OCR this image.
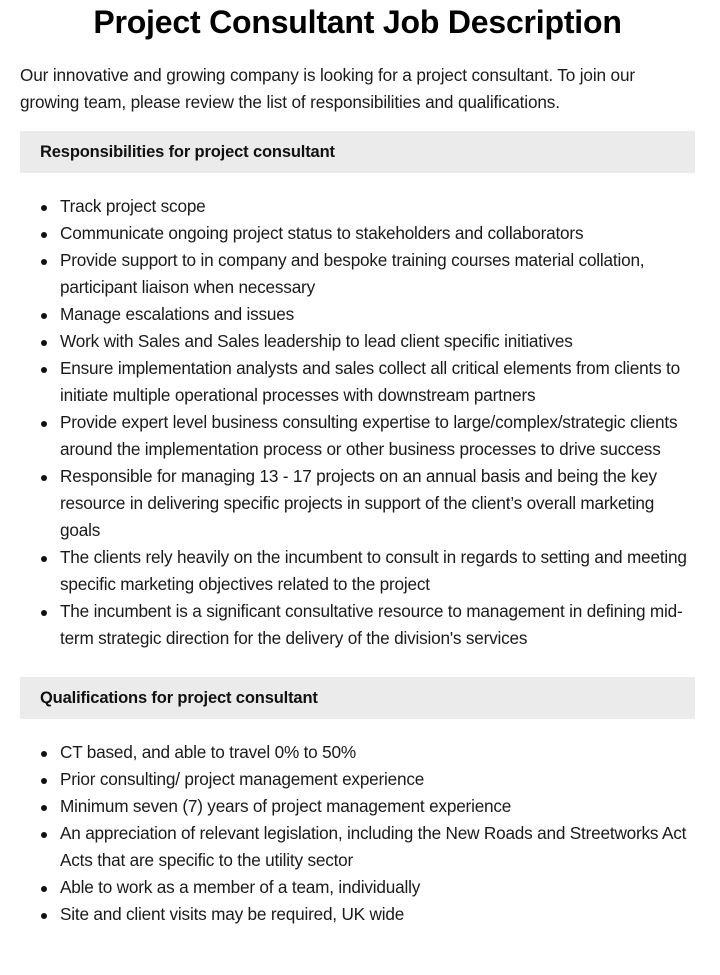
Project Consultant Job Description

Our innovative and growing company is looking for a project consultant. To join our growing team, please review the list of responsibilities and qualifications.

Responsibilities for project consultant
Track project scope
Communicate ongoing project status to stakeholders and collaborators
Provide support to in company and bespoke training courses material collation, participant liaison when necessary
Manage escalations and issues
Work with Sales and Sales leadership to lead client specific initiatives
Ensure implementation analysts and sales collect all critical elements from clients to initiate multiple operational processes with downstream partners
Provide expert level business consulting expertise to large/complex/strategic clients around the implementation process or other business processes to drive success
Responsible for managing 13 - 17 projects on an annual basis and being the key resource in delivering specific projects in support of the client’s overall marketing goals
The clients rely heavily on the incumbent to consult in regards to setting and meeting specific marketing objectives related to the project
The incumbent is a significant consultative resource to management in defining mid-term strategic direction for the delivery of the division's services
Qualifications for project consultant
CT based, and able to travel 0% to 50%
Prior consulting/ project management experience
Minimum seven (7) years of project management experience
An appreciation of relevant legislation, including the New Roads and Streetworks Act Acts that are specific to the utility sector
Able to work as a member of a team, individually
Site and client visits may be required, UK wide
